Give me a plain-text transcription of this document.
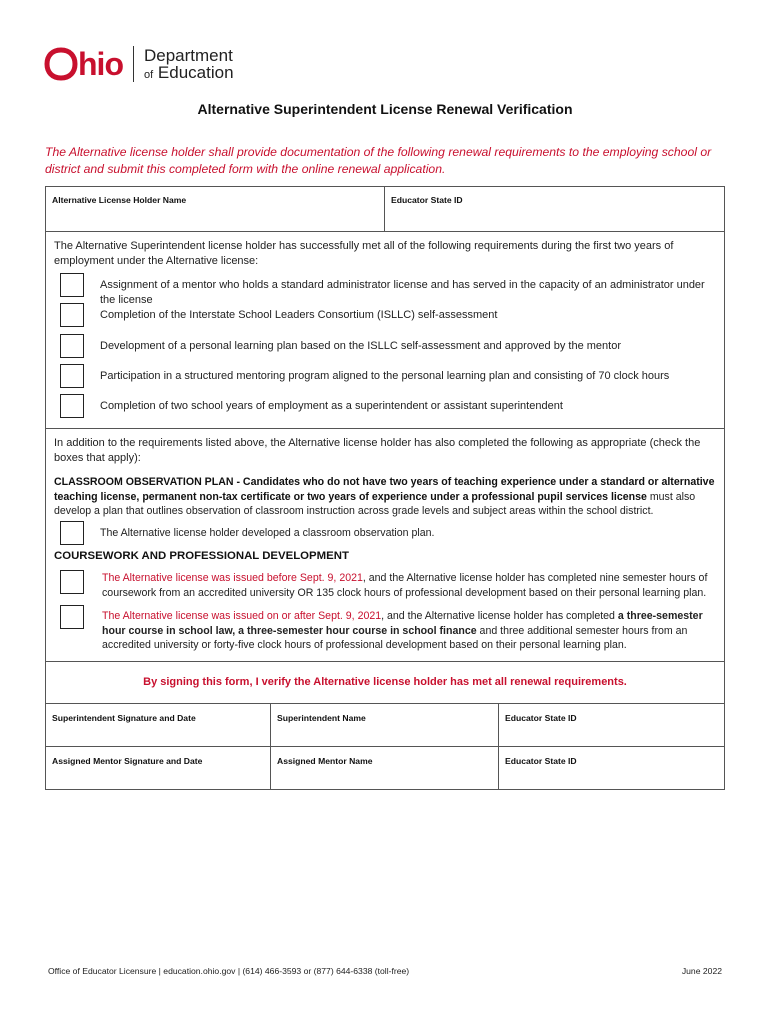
hio Department
of Education
Alternative Superintendent License Renewal Verification
The Alternative license holder shall provide documentation of the following renewal requirements to the employing school or district and submit this completed form with the online renewal application.
Alternative License Holder Name	Educator State ID
The Alternative Superintendent license holder has successfully met all of the following requirements during the first two years of employment under the Alternative license:
Assignment of a mentor who holds a standard administrator license and has served in the capacity of an administrator under the license
Completion of the Interstate School Leaders Consortium (ISLLC) self-assessment
Development of a personal learning plan based on the ISLLC self-assessment and approved by the mentor
Participation in a structured mentoring program aligned to the personal learning plan and consisting of 70 clock hours
Completion of two school years of employment as a superintendent or assistant superintendent
In addition to the requirements listed above, the Alternative license holder has also completed the following as appropriate (check the boxes that apply):
CLASSROOM OBSERVATION PLAN - Candidates who do not have two years of teaching experience under a standard or alternative teaching license, permanent non-tax certificate or two years of experience under a professional pupil services license must also develop a plan that outlines observation of classroom instruction across grade levels and subject areas within the school district.
The Alternative license holder developed a classroom observation plan.
COURSEWORK AND PROFESSIONAL DEVELOPMENT
The Alternative license was issued before Sept. 9, 2021, and the Alternative license holder has completed nine semester hours of coursework from an accredited university OR 135 clock hours of professional development based on their personal learning plan.
The Alternative license was issued on or after Sept. 9, 2021, and the Alternative license holder has completed a three-semester hour course in school law, a three-semester hour course in school finance and three additional semester hours from an accredited university or forty-five clock hours of professional development based on their personal learning plan.
By signing this form, I verify the Alternative license holder has met all renewal requirements.
Superintendent Signature and Date	Superintendent Name	Educator State ID
Assigned Mentor Signature and Date	Assigned Mentor Name	Educator State ID
Office of Educator Licensure | education.ohio.gov | (614) 466-3593 or (877) 644-6338 (toll-free)	June 2022
